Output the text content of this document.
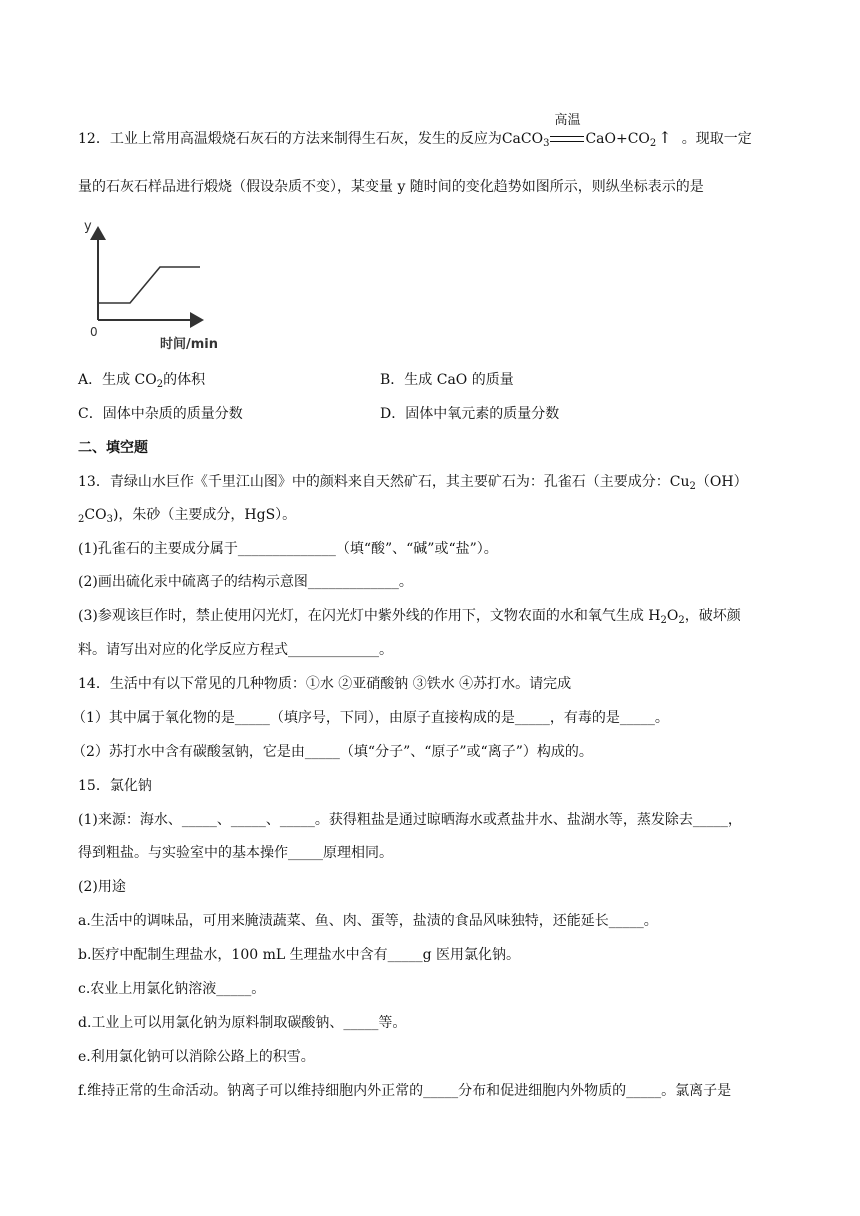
12．工业上常用高温煅烧石灰石的方法来制得生石灰，发生的反应为CaCO$_3$
高温
$CaO+CO_2$ ↑ 。现取一定
量的石灰石样品进行煅烧（假设杂质不变），某变量 y 随时间的变化趋势如图所示，则纵坐标表示的是
y
0
时间/min
A．生成 $CO_2$的体积	B．生成 CaO 的质量
C．固体中杂质的质量分数	D．固体中氧元素的质量分数
二、填空题
13．青绿山水巨作《千里江山图》中的颜料来自天然矿石，其主要矿石为：孔雀石（主要成分：$Cu_2(OH)$
$_2CO_3$)，朱砂（主要成分，HgS）。
(1)孔雀石的主要成分属于______________（填“酸”、“碱”或“盐”）。
(2)画出硫化汞中硫离子的结构示意图_____________。
(3)参观该巨作时，禁止使用闪光灯，在闪光灯中紫外线的作用下，文物农面的水和氧气生成 $H_2O_2$，破坏颜
料。请写出对应的化学反应方程式_____________。
14．生活中有以下常见的几种物质：①水 ②亚硝酸钠 ③铁水 ④苏打水。请完成
（1）其中属于氧化物的是_____（填序号，下同），由原子直接构成的是_____，有毒的是_____。
（2）苏打水中含有碳酸氢钠，它是由_____（填“分子”、“原子”或“离子”）构成的。
15．氯化钠
(1)来源：海水、_____、_____、_____。获得粗盐是通过晾晒海水或煮盐井水、盐湖水等，蒸发除去_____，
得到粗盐。与实验室中的基本操作_____原理相同。
(2)用途
a.生活中的调味品，可用来腌渍蔬菜、鱼、肉、蛋等，盐渍的食品风味独特，还能延长_____。
b.医疗中配制生理盐水，100 mL 生理盐水中含有_____g 医用氯化钠。
c.农业上用氯化钠溶液_____。
d.工业上可以用氯化钠为原料制取碳酸钠、_____等。
e.利用氯化钠可以消除公路上的积雪。
f.维持正常的生命活动。钠离子可以维持细胞内外正常的_____分布和促进细胞内外物质的_____。氯离子是
